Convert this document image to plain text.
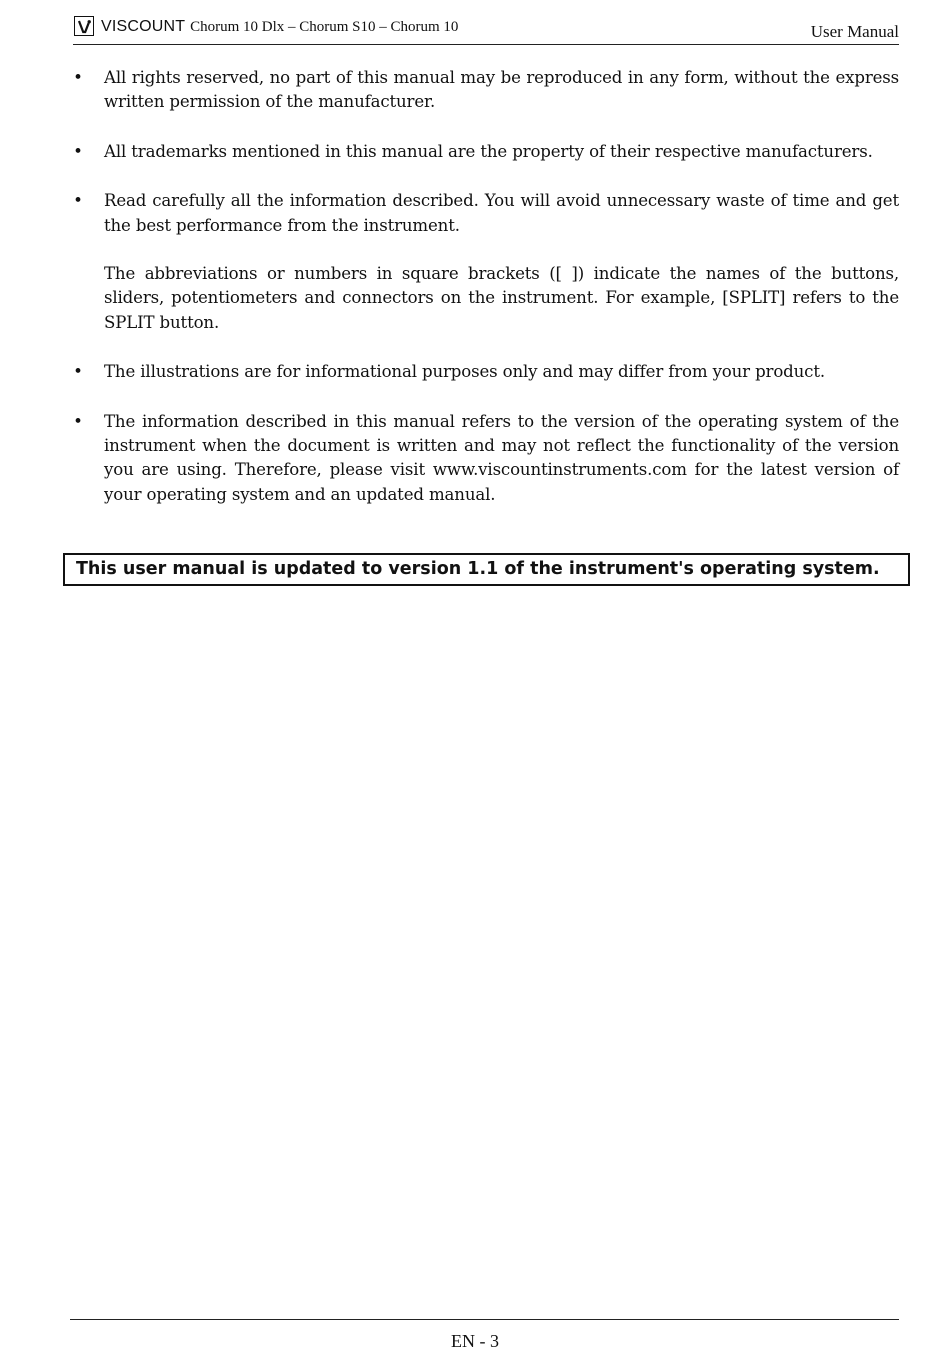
VISCOUNT Chorum 10 Dlx – Chorum S10 – Chorum 10	User Manual
• All rights reserved, no part of this manual may be reproduced in any form, without the express written permission of the manufacturer.

• All trademarks mentioned in this manual are the property of their respective manufacturers.

• Read carefully all the information described. You will avoid unnecessary waste of time and get the best performance from the instrument.

The abbreviations or numbers in square brackets ([ ]) indicate the names of the buttons, sliders, potentiometers and connectors on the instrument. For example, [SPLIT] refers to the SPLIT button.

• The illustrations are for informational purposes only and may differ from your product.

• The information described in this manual refers to the version of the operating system of the instrument when the document is written and may not reflect the functionality of the version you are using. Therefore, please visit www.viscountinstruments.com for the latest version of your operating system and an updated manual.

This user manual is updated to version 1.1 of the instrument's operating system.
EN - 3
